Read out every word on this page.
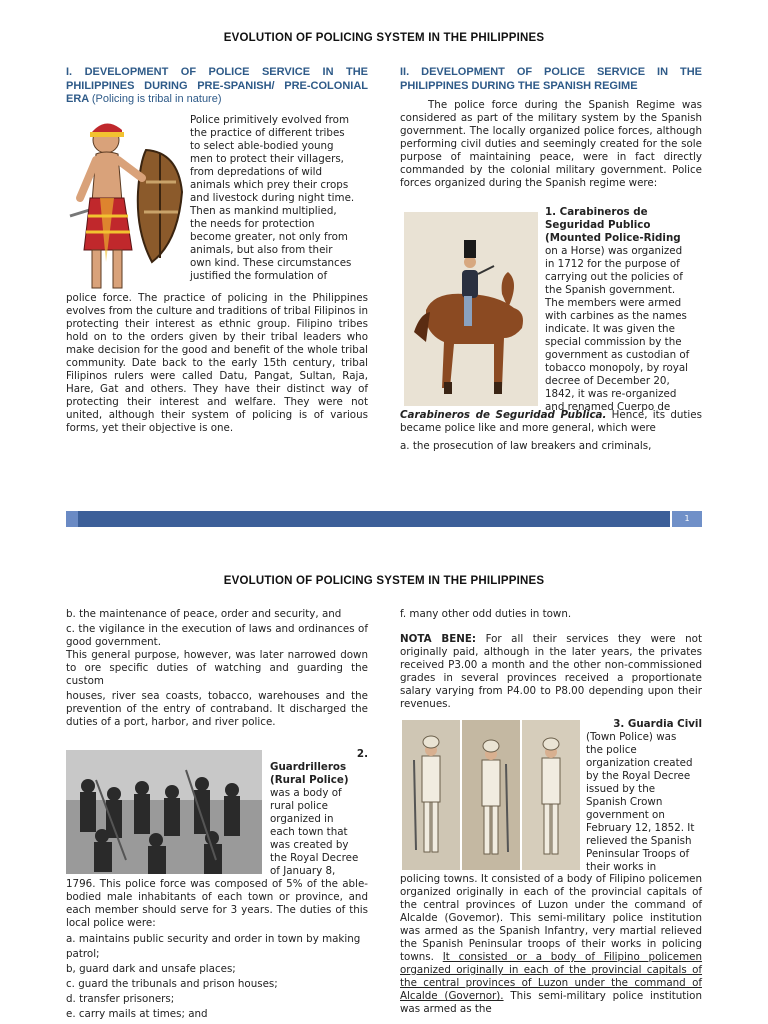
EVOLUTION OF POLICING SYSTEM IN THE PHILIPPINES
I. DEVELOPMENT OF POLICE SERVICE IN THE PHILIPPINES DURING PRE-SPANISH/ PRE-COLONIAL ERA (Policing is tribal in nature)

Police primitively evolved from

the practice of different tribes

to select able-bodied young

men to protect their villagers,

from depredations of wild

animals which prey their crops

and livestock during night time.

Then as mankind multiplied,

the needs for protection

become greater, not only from

animals, but also from their

own kind. These circumstances

justified the formulation of

police force. The practice of policing in the Philippines evolves from the culture and traditions of tribal Filipinos in protecting their interest as ethnic group. Filipino tribes hold on to the orders given by their tribal leaders who make decision for the good and benefit of the whole tribal community. Date back to the early 15th century, tribal Filipinos rulers were called Datu, Pangat, Sultan, Raja, Hare, Gat and others. They have their distinct way of protecting their interest and welfare. They were not united, although their system of policing is of various forms, yet their objective is one.

II. DEVELOPMENT OF POLICE SERVICE IN THE PHILIPPINES DURING THE SPANISH REGIME

The police force during the Spanish Regime was considered as part of the military system by the Spanish government. The locally organized police forces, although performing civil duties and seemingly created for the sole purpose of maintaining peace, were in fact directly commanded by the colonial military government. Police forces organized during the Spanish regime were:

1. Carabineros de

Seguridad Publico

(Mounted Police-Riding

on a Horse) was organized

in 1712 for the purpose of

carrying out the policies of

the Spanish government.

The members were armed

with carbines as the names

indicate. It was given the

special commission by the

government as custodian of

tobacco monopoly, by royal

decree of December 20,

1842, it was re-organized

and renamed Cuerpo de

Carabineros de Seguridad Publica. Hence, its duties became police like and more general, which were

a. the prosecution of law breakers and criminals,

1
EVOLUTION OF POLICING SYSTEM IN THE PHILIPPINES

b. the maintenance of peace, order and security, and

c. the vigilance in the execution of laws and ordinances of good government.

This general purpose, however, was later narrowed down to ore specific duties of watching and guarding the custom

houses, river sea coasts, tobacco, warehouses and the prevention of the entry of contraband. It discharged the duties of a port, harbor, and river police.

2.

Guardrilleros

(Rural Police)

was a body of

rural police

organized in

each town that

was created by

the Royal Decree

of January 8,

1796. This police force was composed of 5% of the able-bodied male inhabitants of each town or province, and each member should serve for 3 years. The duties of this local police were:

a. maintains public security and order in town by making patrol;
b, guard dark and unsafe places;
c. guard the tribunals and prison houses;
d. transfer prisoners;
e. carry mails at times; and

f. many other odd duties in town.

NOTA BENE: For all their services they were not originally paid, although in the later years, the privates received P3.00 a month and the other non-commissioned grades in several provinces received a proportionate salary varying from P4.00 to P8.00 depending upon their revenues.

3. Guardia Civil

(Town Police) was

the police

organization created

by the Royal Decree

issued by the

Spanish Crown

government on

February 12, 1852. It

relieved the Spanish

Peninsular Troops of

their works in

policing towns. It consisted of a body of Filipino policemen organized originally in each of the provincial capitals of the central provinces of Luzon under the command of Alcalde (Govemor). This semi-military police institution was armed as the Spanish Infantry, very martial relieved the Spanish Peninsular troops of their works in policing towns. It consisted or a body of Filipino policemen organized originally in each of the provincial capitals of the central provinces of Luzon under the command of Alcalde (Governor). This semi-military police institution was armed as the
